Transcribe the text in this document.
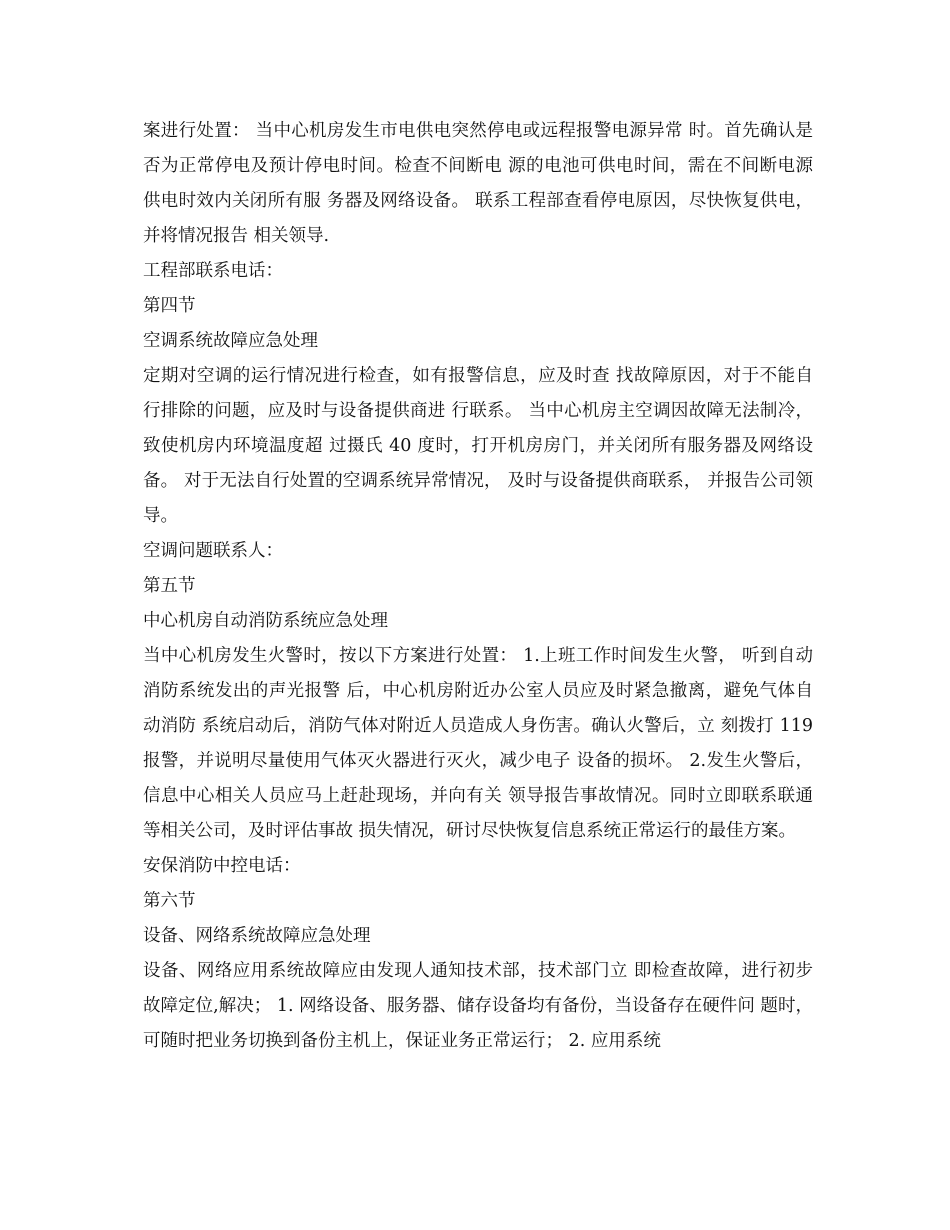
案进行处置： 当中心机房发生市电供电突然停电或远程报警电源异常 时。首先确认是否为正常停电及预计停电时间。检查不间断电 源的电池可供电时间，需在不间断电源供电时效内关闭所有服 务器及网络设备。 联系工程部查看停电原因，尽快恢复供电，并将情况报告 相关领导.

工程部联系电话：

第四节

空调系统故障应急处理

定期对空调的运行情况进行检查，如有报警信息，应及时查 找故障原因，对于不能自行排除的问题，应及时与设备提供商进 行联系。 当中心机房主空调因故障无法制冷，致使机房内环境温度超 过摄氏 40 度时，打开机房房门，并关闭所有服务器及网络设备。 对于无法自行处置的空调系统异常情况， 及时与设备提供商联系， 并报告公司领导。

空调问题联系人：

第五节

中心机房自动消防系统应急处理

当中心机房发生火警时，按以下方案进行处置： 1.上班工作时间发生火警， 听到自动消防系统发出的声光报警 后，中心机房附近办公室人员应及时紧急撤离，避免气体自动消防 系统启动后，消防气体对附近人员造成人身伤害。确认火警后，立 刻拨打 119 报警，并说明尽量使用气体灭火器进行灭火，减少电子 设备的损坏。 2.发生火警后，信息中心相关人员应马上赶赴现场，并向有关 领导报告事故情况。同时立即联系联通等相关公司，及时评估事故 损失情况，研讨尽快恢复信息系统正常运行的最佳方案。

安保消防中控电话：

第六节

设备、网络系统故障应急处理

设备、网络应用系统故障应由发现人通知技术部，技术部门立 即检查故障，进行初步故障定位,解决； 1. 网络设备、服务器、储存设备均有备份，当设备存在硬件问 题时，可随时把业务切换到备份主机上，保证业务正常运行； 2. 应用系统
